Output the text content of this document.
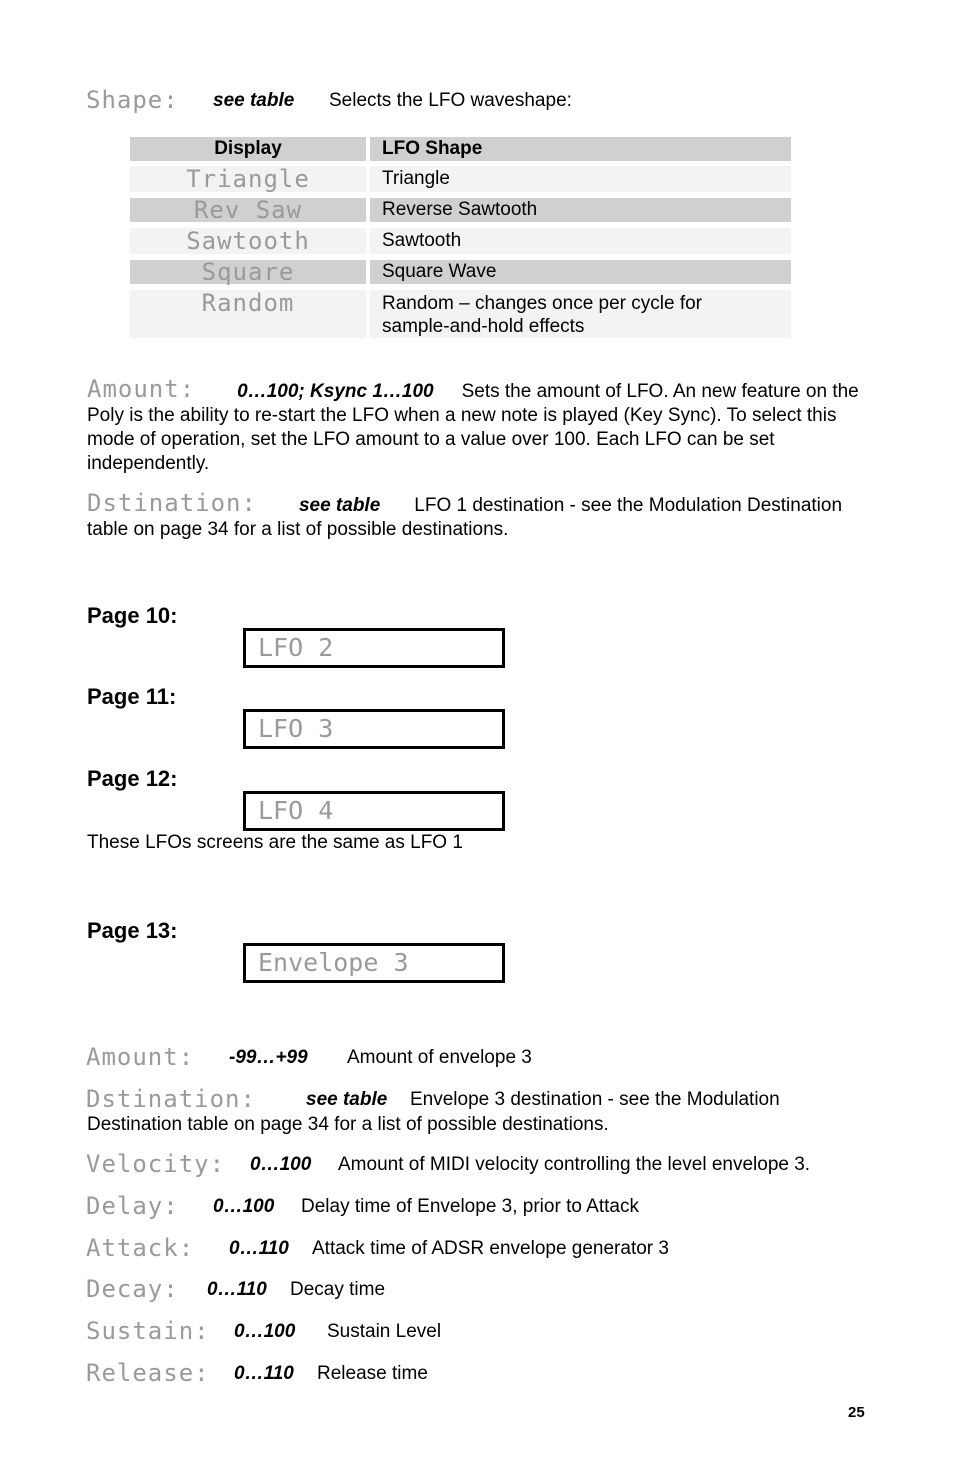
Shape: see table Selects the LFO waveshape:
Display	LFO Shape
Triangle	Triangle
Rev Saw	Reverse Sawtooth
Sawtooth	Sawtooth
Square	Square Wave
Random	Random – changes once per cycle for sample-and-hold effects
Amount: 0…100; Ksync 1…100 Sets the amount of LFO. An new feature on the Poly is the ability to re-start the LFO when a new note is played (Key Sync). To select this mode of operation, set the LFO amount to a value over 100. Each LFO can be set independently.
Dstination: see table LFO 1 destination - see the Modulation Destination table on page 34 for a list of possible destinations.
Page 10:
LFO 2
Page 11:
LFO 3
Page 12:
LFO 4
These LFOs screens are the same as LFO 1
Page 13:
Envelope 3
Amount: -99…+99 Amount of envelope 3
Dstination:	see table Envelope 3 destination - see the Modulation
Destination table on page 34 for a list of possible destinations.
Velocity: 0…100 Amount of MIDI velocity controlling the level envelope 3.
Delay: 0…100 Delay time of Envelope 3, prior to Attack
Attack: 0…110 Attack time of ADSR envelope generator 3
Decay: 0…110 Decay time
Sustain: 0…100 Sustain Level
Release: 0…110 Release time
25
